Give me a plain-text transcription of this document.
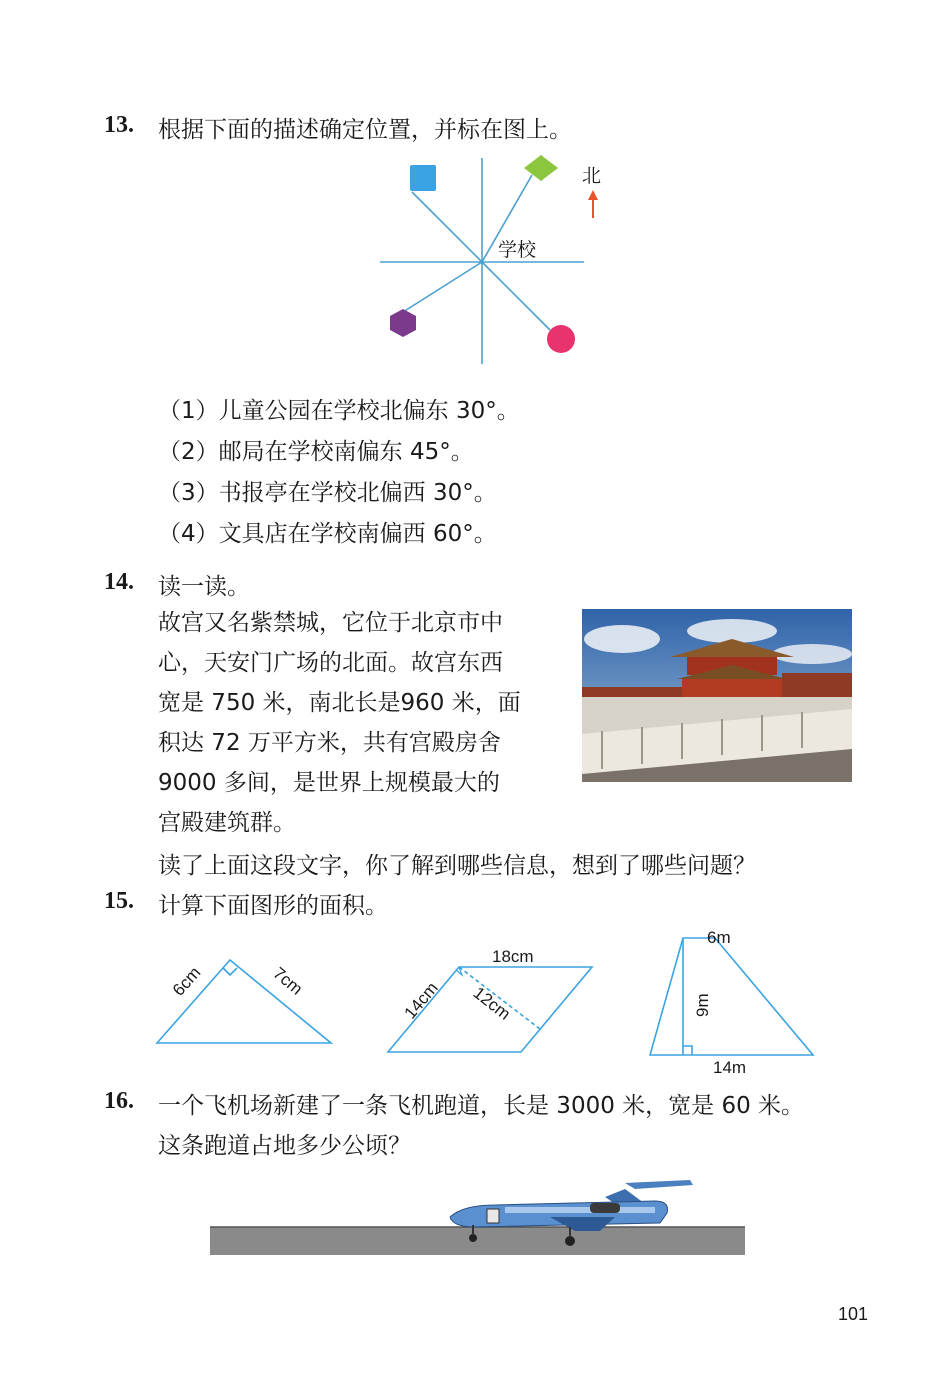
13. 根据下面的描述确定位置，并标在图上。
学校
北
（1）儿童公园在学校北偏东 30°。
（2）邮局在学校南偏东 45°。
（3）书报亭在学校北偏西 30°。
（4）文具店在学校南偏西 60°。
14. 读一读。
故宫又名紫禁城，它位于北京市中
心，天安门广场的北面。故宫东西
宽是 750 米，南北长是960 米，面
积达 72 万平方米，共有宫殿房舍
9000 多间，是世界上规模最大的
宫殿建筑群。
读了上面这段文字，你了解到哪些信息，想到了哪些问题？
15. 计算下面图形的面积。
6cm	7cm
18cm
14cm 12cm
6m
9m
14m
16. 一个飞机场新建了一条飞机跑道，长是 3000 米，宽是 60 米。
这条跑道占地多少公顷？
101
